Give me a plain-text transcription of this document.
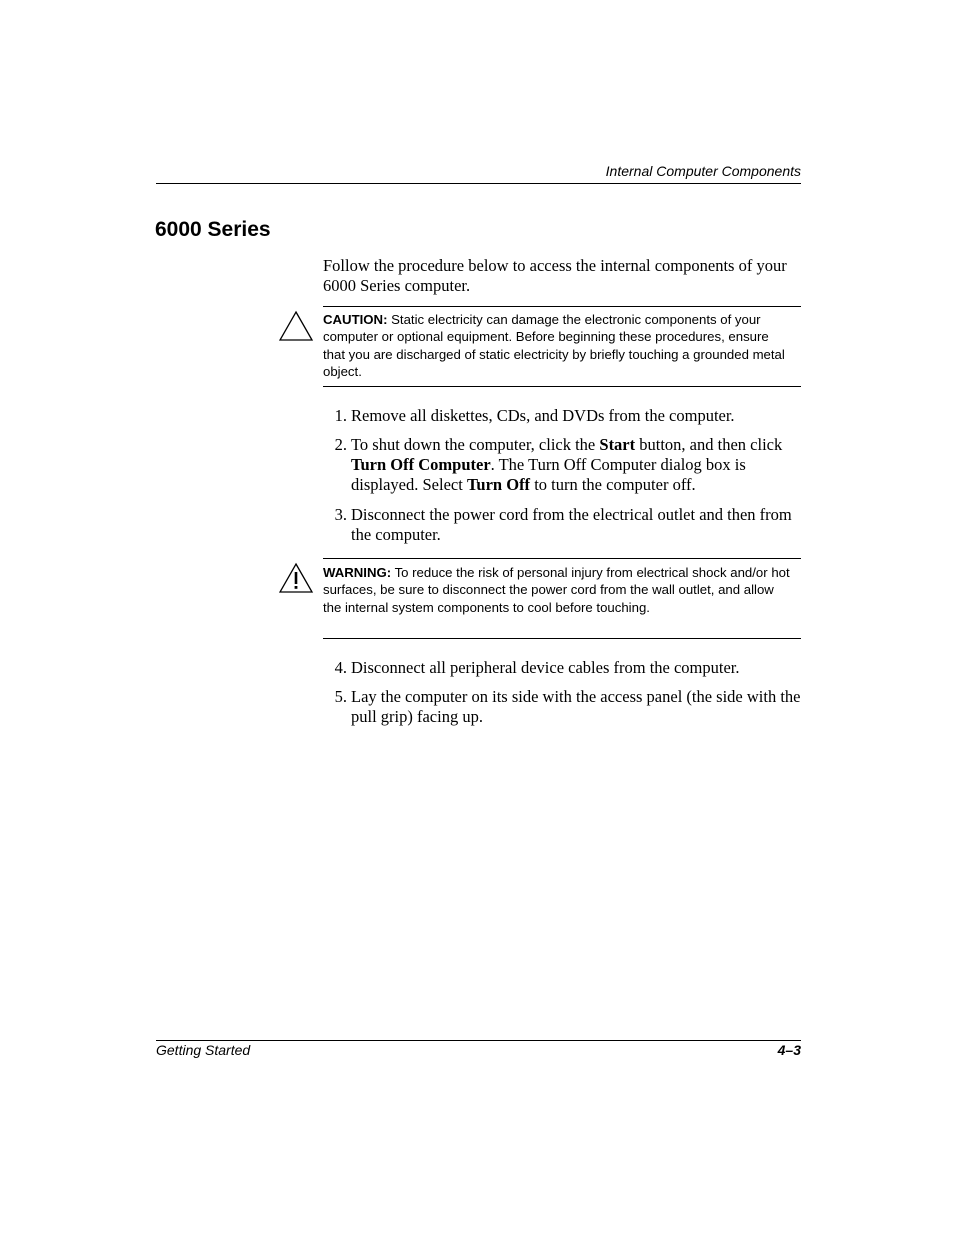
Internal Computer Components
6000 Series
Follow the procedure below to access the internal components of your 6000 Series computer.
CAUTION: Static electricity can damage the electronic components of your computer or optional equipment. Before beginning these procedures, ensure that you are discharged of static electricity by briefly touching a grounded metal object.
1. Remove all diskettes, CDs, and DVDs from the computer.
2. To shut down the computer, click the Start button, and then click Turn Off Computer. The Turn Off Computer dialog box is displayed. Select Turn Off to turn the computer off.
3. Disconnect the power cord from the electrical outlet and then from the computer.
WARNING: To reduce the risk of personal injury from electrical shock and/or hot surfaces, be sure to disconnect the power cord from the wall outlet, and allow the internal system components to cool before touching.
4. Disconnect all peripheral device cables from the computer.
5. Lay the computer on its side with the access panel (the side with the pull grip) facing up.
Getting Started	4–3
